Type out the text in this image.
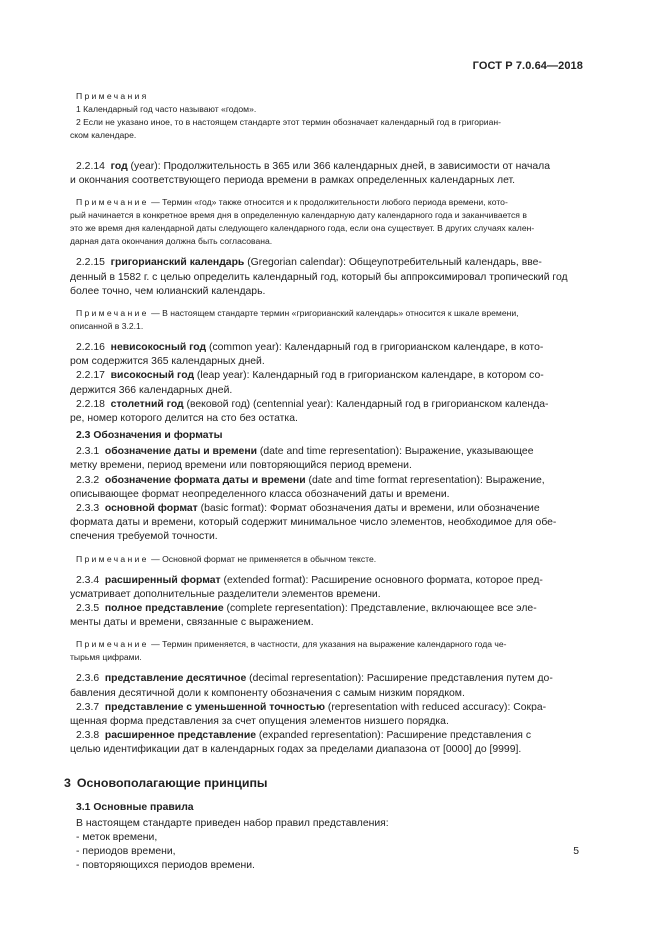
ГОСТ Р 7.0.64—2018

Примечания

1 Календарный год часто называют «годом».

2 Если не указано иное, то в настоящем стандарте этот термин обозначает календарный год в григориан-

ском календаре.

2.2.14 год (year): Продолжительность в 365 или 366 календарных дней, в зависимости от начала

и окончания соответствующего периода времени в рамках определенных календарных лет.

Примечание — Термин «год» также относится и к продолжительности любого периода времени, кото-

рый начинается в конкретное время дня в определенную календарную дату календарного года и заканчивается в

это же время дня календарной даты следующего календарного года, если она существует. В других случаях кален-

дарная дата окончания должна быть согласована.

2.2.15 григорианский календарь (Gregorian calendar): Общеупотребительный календарь, вве-

денный в 1582 г. с целью определить календарный год, который бы аппроксимировал тропический год

более точно, чем юлианский календарь.

Примечание — В настоящем стандарте термин «григорианский календарь» относится к шкале времени,

описанной в 3.2.1.

2.2.16 невисокосный год (common year): Календарный год в григорианском календаре, в кото-

ром содержится 365 календарных дней.

2.2.17 високосный год (leap year): Календарный год в григорианском календаре, в котором со-

держится 366 календарных дней.

2.2.18 столетний год (вековой год) (centennial year): Календарный год в григорианском календа-

ре, номер которого делится на сто без остатка.

2.3 Обозначения и форматы

2.3.1 обозначение даты и времени (date and time representation): Выражение, указывающее

метку времени, период времени или повторяющийся период времени.

2.3.2 обозначение формата даты и времени (date and time format representation): Выражение,

описывающее формат неопределенного класса обозначений даты и времени.

2.3.3 основной формат (basic format): Формат обозначения даты и времени, или обозначение

формата даты и времени, который содержит минимальное число элементов, необходимое для обе-

спечения требуемой точности.

Примечание — Основной формат не применяется в обычном тексте.

2.3.4 расширенный формат (extended format): Расширение основного формата, которое пред-

усматривает дополнительные разделители элементов времени.

2.3.5 полное представление (complete representation): Представление, включающее все эле-

менты даты и времени, связанные с выражением.

Примечание — Термин применяется, в частности, для указания на выражение календарного года че-

тырьмя цифрами.

2.3.6 представление десятичное (decimal representation): Расширение представления путем до-

бавления десятичной доли к компоненту обозначения с самым низким порядком.

2.3.7 представление с уменьшенной точностью (representation with reduced accuracy): Сокра-

щенная форма представления за счет опущения элементов низшего порядка.

2.3.8 расширенное представление (expanded representation): Расширение представления с

целью идентификации дат в календарных годах за пределами диапазона от [0000] до [9999].

3 Основополагающие принципы

3.1 Основные правила

В настоящем стандарте приведен набор правил представления:

- меток времени,
- периодов времени,
- повторяющихся периодов времени.
5
